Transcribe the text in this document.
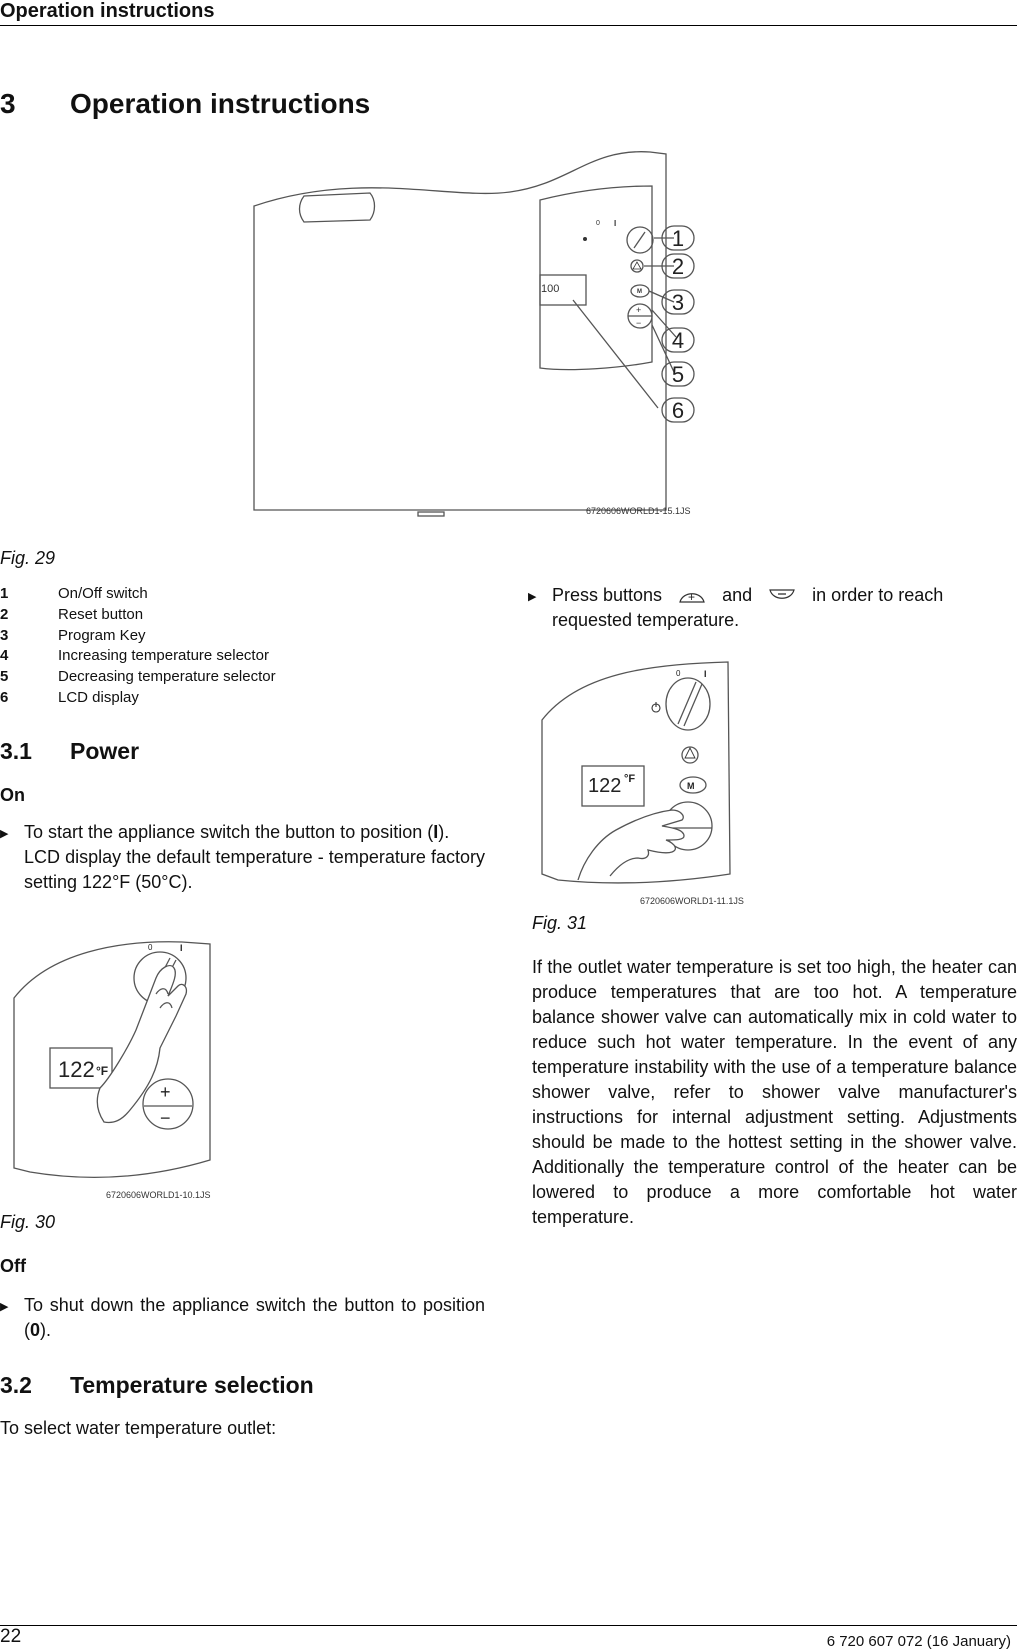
Operation instructions
3 Operation instructions
100
0 I
M
+
−
1
2
3
4
5
6
6720606WORLD1-15.1JS
Fig. 29
1	On/Off switch
2	Reset button
3	Program Key
4	Increasing temperature selector
5	Decreasing temperature selector
6	LCD display
3.1 Power
On
▶ To start the appliance switch the button to position (I).
LCD display the default temperature - temperature factory setting 122°F (50°C).
122 °F
0	I
+
−
6720606WORLD1-10.1JS
Fig. 30
Off
▶ To shut down the appliance switch the button to position (0).
3.2 Temperature selection
To select water temperature outlet:
▶ Press buttons + and	in order to reach requested temperature.
122 °F
0	I
M
6720606WORLD1-11.1JS
Fig. 31
If the outlet water temperature is set too high, the heater can produce temperatures that are too hot. A temperature balance shower valve can automatically mix in cold water to reduce such hot water temperature. In the event of any temperature instability with the use of a temperature balance shower valve, refer to shower valve manufacturer's instructions for internal adjustment setting. Adjustments should be made to the hottest setting in the shower valve. Additionally the temperature control of the heater can be lowered to produce a more comfortable hot water temperature.
22	6 720 607 072 (16 January)
